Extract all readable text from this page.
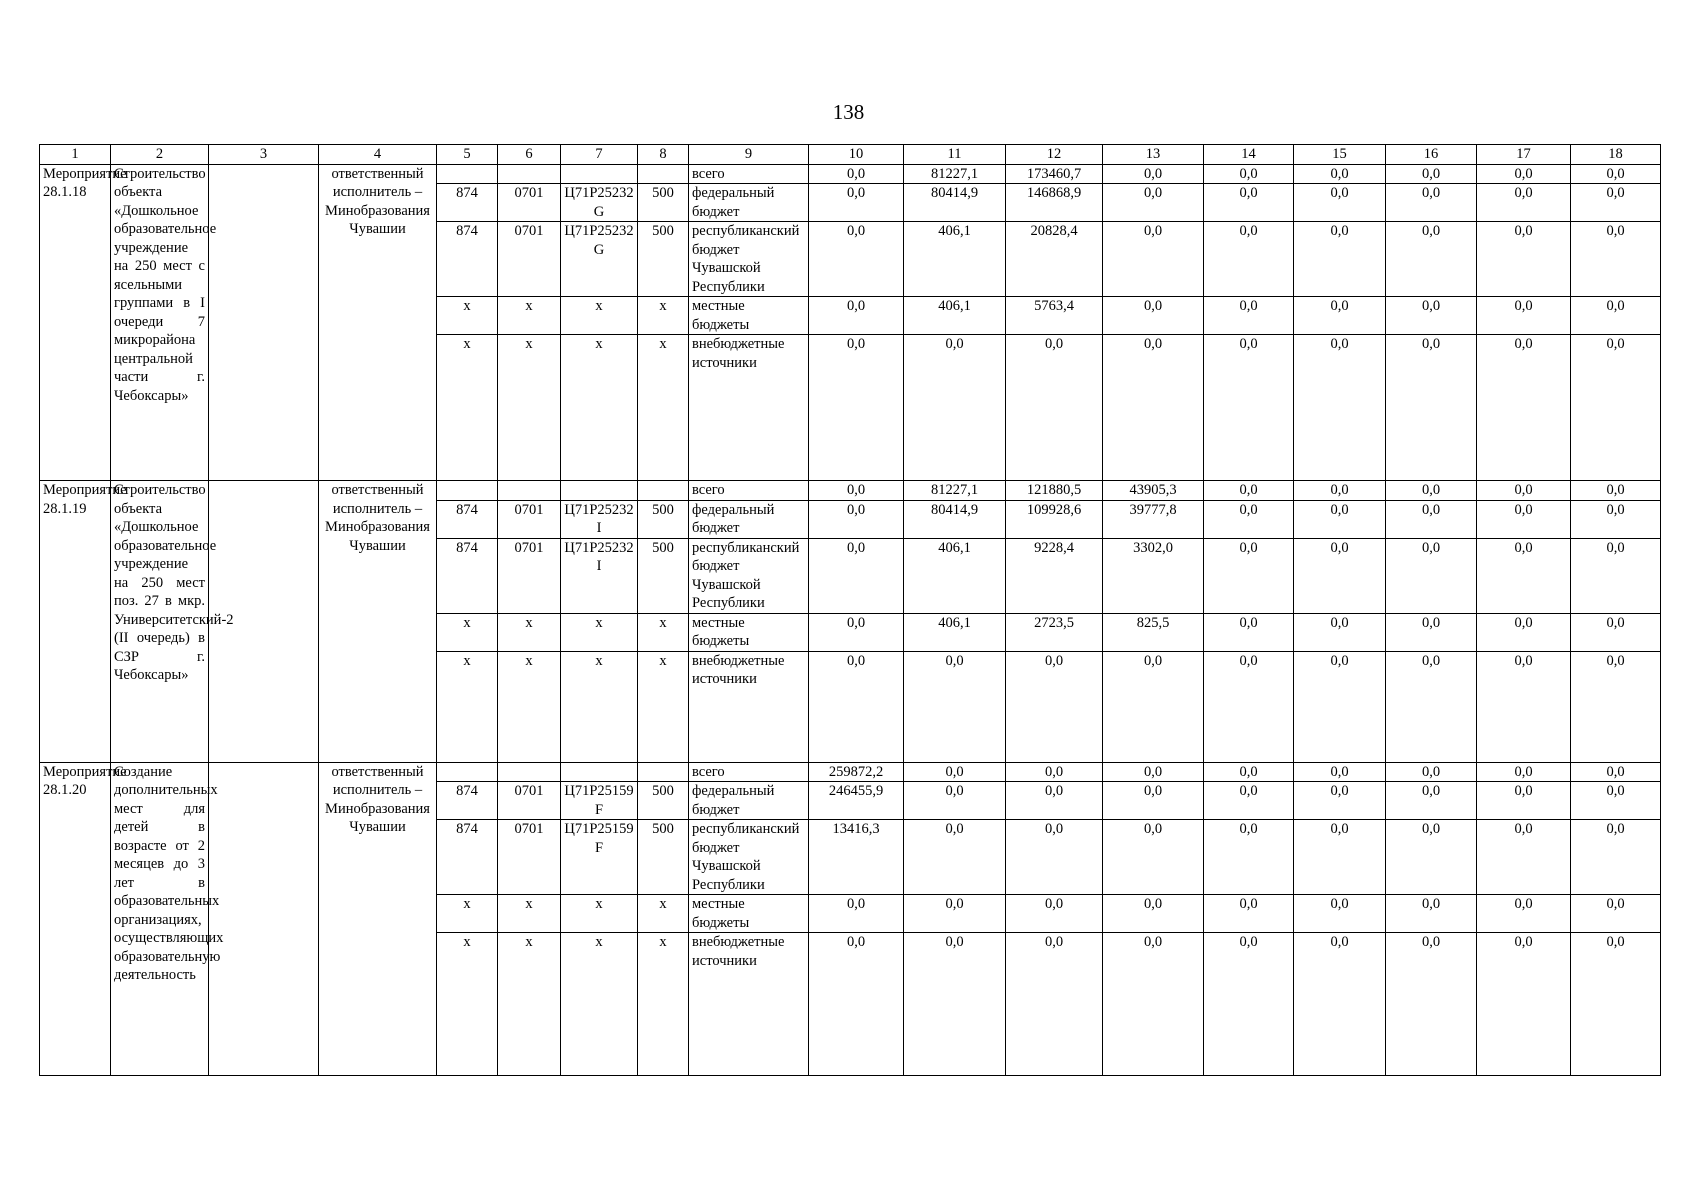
138
1	2	3	4	5	6	7	8	9	10	11	12	13	14	15	16	17	18
Мероприятие 28.1.18	Строительство объекта «Дошкольное образовательное учреждение на 250 мест с ясельными группами в I очереди 7 микрорайона центральной части г. Чебоксары»		ответственный исполнитель – Минобразования Чувашии					всего	0,0	81227,1	173460,7	0,0	0,0	0,0	0,0	0,0	0,0
				874	0701	Ц71Р25232G	500	федеральный бюджет	0,0	80414,9	146868,9	0,0	0,0	0,0	0,0	0,0	0,0
				874	0701	Ц71Р25232G	500	республиканский бюджет Чувашской Республики	0,0	406,1	20828,4	0,0	0,0	0,0	0,0	0,0	0,0
				х	х	х	х	местные бюджеты	0,0	406,1	5763,4	0,0	0,0	0,0	0,0	0,0	0,0
				х	х	х	х	внебюджетные источники	0,0	0,0	0,0	0,0	0,0	0,0	0,0	0,0	0,0
Мероприятие 28.1.19	Строительство объекта «Дошкольное образовательное учреждение на 250 мест поз. 27 в мкр. Университетский-2 (II очередь) в СЗР г. Чебоксары»		ответственный исполнитель – Минобразования Чувашии					всего	0,0	81227,1	121880,5	43905,3	0,0	0,0	0,0	0,0	0,0
				874	0701	Ц71Р25232I	500	федеральный бюджет	0,0	80414,9	109928,6	39777,8	0,0	0,0	0,0	0,0	0,0
				874	0701	Ц71Р25232I	500	республиканский бюджет Чувашской Республики	0,0	406,1	9228,4	3302,0	0,0	0,0	0,0	0,0	0,0
				х	х	х	х	местные бюджеты	0,0	406,1	2723,5	825,5	0,0	0,0	0,0	0,0	0,0
				х	х	х	х	внебюджетные источники	0,0	0,0	0,0	0,0	0,0	0,0	0,0	0,0	0,0
Мероприятие 28.1.20	Создание дополнительных мест для детей в возрасте от 2 месяцев до 3 лет в образовательных организациях, осуществляющих образовательную деятельность		ответственный исполнитель – Минобразования Чувашии					всего	259872,2	0,0	0,0	0,0	0,0	0,0	0,0	0,0	0,0
				874	0701	Ц71Р25159F	500	федеральный бюджет	246455,9	0,0	0,0	0,0	0,0	0,0	0,0	0,0	0,0
				874	0701	Ц71Р25159F	500	республиканский бюджет Чувашской Республики	13416,3	0,0	0,0	0,0	0,0	0,0	0,0	0,0	0,0
				х	х	х	х	местные бюджеты	0,0	0,0	0,0	0,0	0,0	0,0	0,0	0,0	0,0
				х	х	х	х	внебюджетные источники	0,0	0,0	0,0	0,0	0,0	0,0	0,0	0,0	0,0
